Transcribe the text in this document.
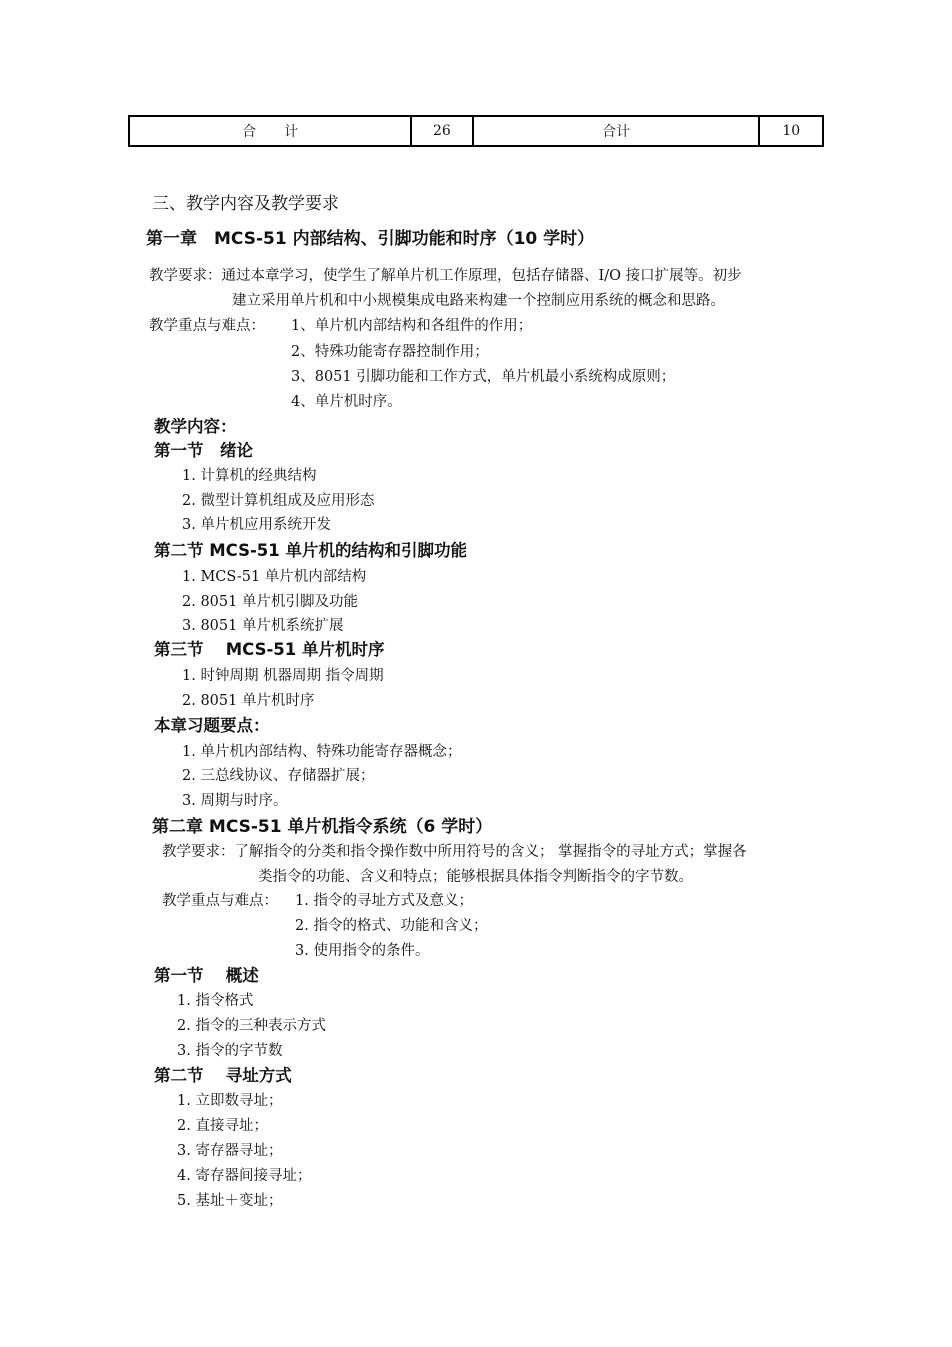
合　　计	26	合计	10
三、教学内容及教学要求
第一章　MCS-51 内部结构、引脚功能和时序（10 学时）
教学要求：通过本章学习，使学生了解单片机工作原理，包括存储器、I/O 接口扩展等。初步
建立采用单片机和中小规模集成电路来构建一个控制应用系统的概念和思路。
教学重点与难点： 1、单片机内部结构和各组件的作用；
2、特殊功能寄存器控制作用；
3、8051 引脚功能和工作方式，单片机最小系统构成原则；
4、单片机时序。
教学内容：
第一节　绪论
1. 计算机的经典结构
2. 微型计算机组成及应用形态
3. 单片机应用系统开发
第二节 MCS-51 单片机的结构和引脚功能
1. MCS-51 单片机内部结构
2. 8051 单片机引脚及功能
3. 8051 单片机系统扩展
第三节　 MCS-51 单片机时序
1. 时钟周期 机器周期 指令周期
2. 8051 单片机时序
本章习题要点：
1. 单片机内部结构、特殊功能寄存器概念；
2. 三总线协议、存储器扩展；
3. 周期与时序。
第二章 MCS-51 单片机指令系统（6 学时）
教学要求：了解指令的分类和指令操作数中所用符号的含义； 掌握指令的寻址方式；掌握各
类指令的功能、含义和特点；能够根据具体指令判断指令的字节数。
教学重点与难点： 1. 指令的寻址方式及意义；
2. 指令的格式、功能和含义；
3. 使用指令的条件。
第一节　 概述
1. 指令格式
2. 指令的三种表示方式
3. 指令的字节数
第二节　 寻址方式
1. 立即数寻址；
2. 直接寻址；
3. 寄存器寻址；
4. 寄存器间接寻址；
5. 基址＋变址；
